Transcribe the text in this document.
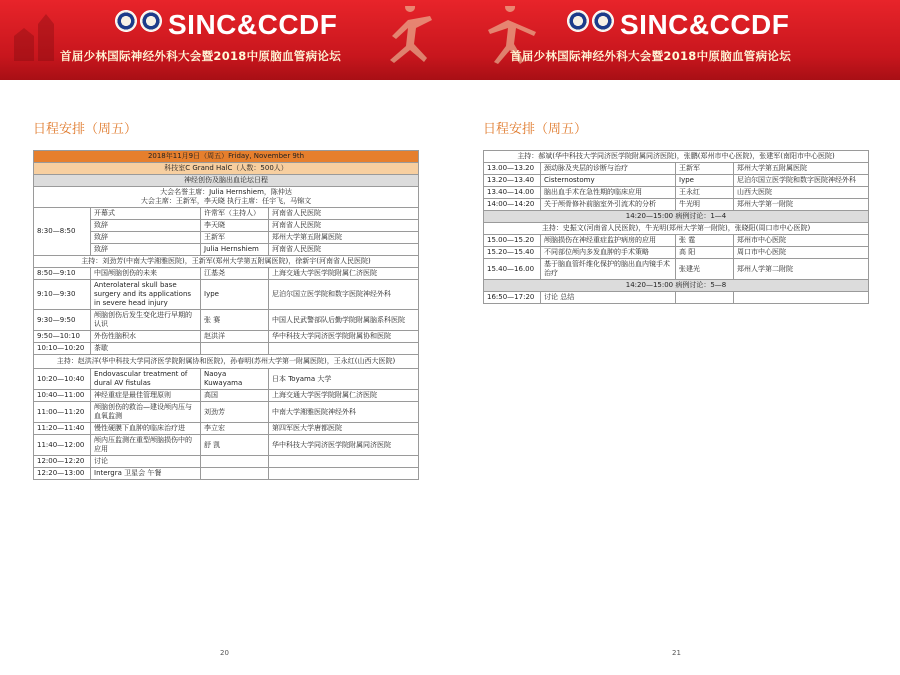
SINC&CCDF
首届少林国际神经外科大会暨2018中原脑血管病论坛
日程安排（周五）
2018年11月9日（周五）Friday, November 9th			
科技室C Grand HalC（人数：500人）			
神经创伤及脑出血论坛日程			

大会名誉主席：Julia Hernshiem，陈仲达
大会主席：王新军，李天晓 执行主席：任宇飞，马锦文			

8:30—8:50	开幕式	许常军（主持人）	河南省人民医院
	致辞	李天晓	河南省人民医院
	致辞	王新军	郑州大学第五附属医院
	致辞	Julia Hernshiem	河南省人民医院
主持：刘劲芳(中南大学湘雅医院)，王新军(郑州大学第五附属医院)，徐新宇(河南省人民医院)			
8:50—9:10	中国颅脑创伤的未来	江基尧	上海交通大学医学院附属仁济医院
9:10—9:30	Anterolateral skull base surgery and its applications in severe head injury	Iype	尼泊尔国立医学院和数字医院神经外科
9:30—9:50	颅脑创伤后发生变化进行早期的认识	张 赛	中国人民武警部队后勤学院附属脑系科医院
9:50—10:10	外伤性脑积水	赵洪洋	华中科技大学同济医学院附属协和医院
10:10—10:20	茶歇		
主持：赵洪洋(华中科技大学同济医学院附属协和医院)，孙春明(苏州大学第一附属医院)，王永红(山西大医院)			
10:20—10:40	Endovascular treatment of dural AV fistulas	Naoya Kuwayama	日本 Toyama 大学
10:40—11:00	神经重症是最佳管理原则	高国	上海交通大学医学院附属仁济医院
11:00—11:20	颅脑创伤的救治—建设颅内压与血氧监测	刘劲芳	中南大学湘雅医院神经外科
11:20—11:40	慢性硬膜下血肿的临床治疗进	李立宏	第四军医大学唐都医院
11:40—12:00	颅内压监测在重型颅脑损伤中的应用	舒 凯	华中科技大学同济医学院附属同济医院
12:00—12:20	讨论		
12:20—13:00	Intergra 卫星会 午餐		
20
SINC&CCDF
首届少林国际神经外科大会暨2018中原脑血管病论坛
日程安排（周五）
主持：郝斌(华中科技大学同济医学院附属同济医院)，张鹏(郑州市中心医院)，张建军(南阳市中心医院)			
13.00—13.20	颈动脉及夹层的诊断与治疗	王新军	郑州大学第五附属医院
13.20—13.40	Cisternostomy	Iype	尼泊尔国立医学院和数字医院神经外科
13.40—14.00	脑出血手术在急性期的临床应用	王永红	山西大医院
14:00—14:20	关于颅骨修补前脑室外引流术的分析	牛光明	郑州大学第一附院
14:20—15:00 病例讨论：1—4			
主持：史振文(河南省人民医院)，牛光明(郑州大学第一附院)，张晓阳(周口市中心医院)			
15.00—15.20	颅脑损伤在神经重症监护病房的应用	张 霆	郑州市中心医院
15.20—15.40	不同部位颅内多发血肿的手术策略	高 阳	周口市中心医院
15.40—16.00	基于脑血管纤维化保护的脑出血内镜手术治疗	张建光	郑州人学第二附院
14:20—15:00 病例讨论：5—8			
16:50—17:20	讨论 总结		
21
